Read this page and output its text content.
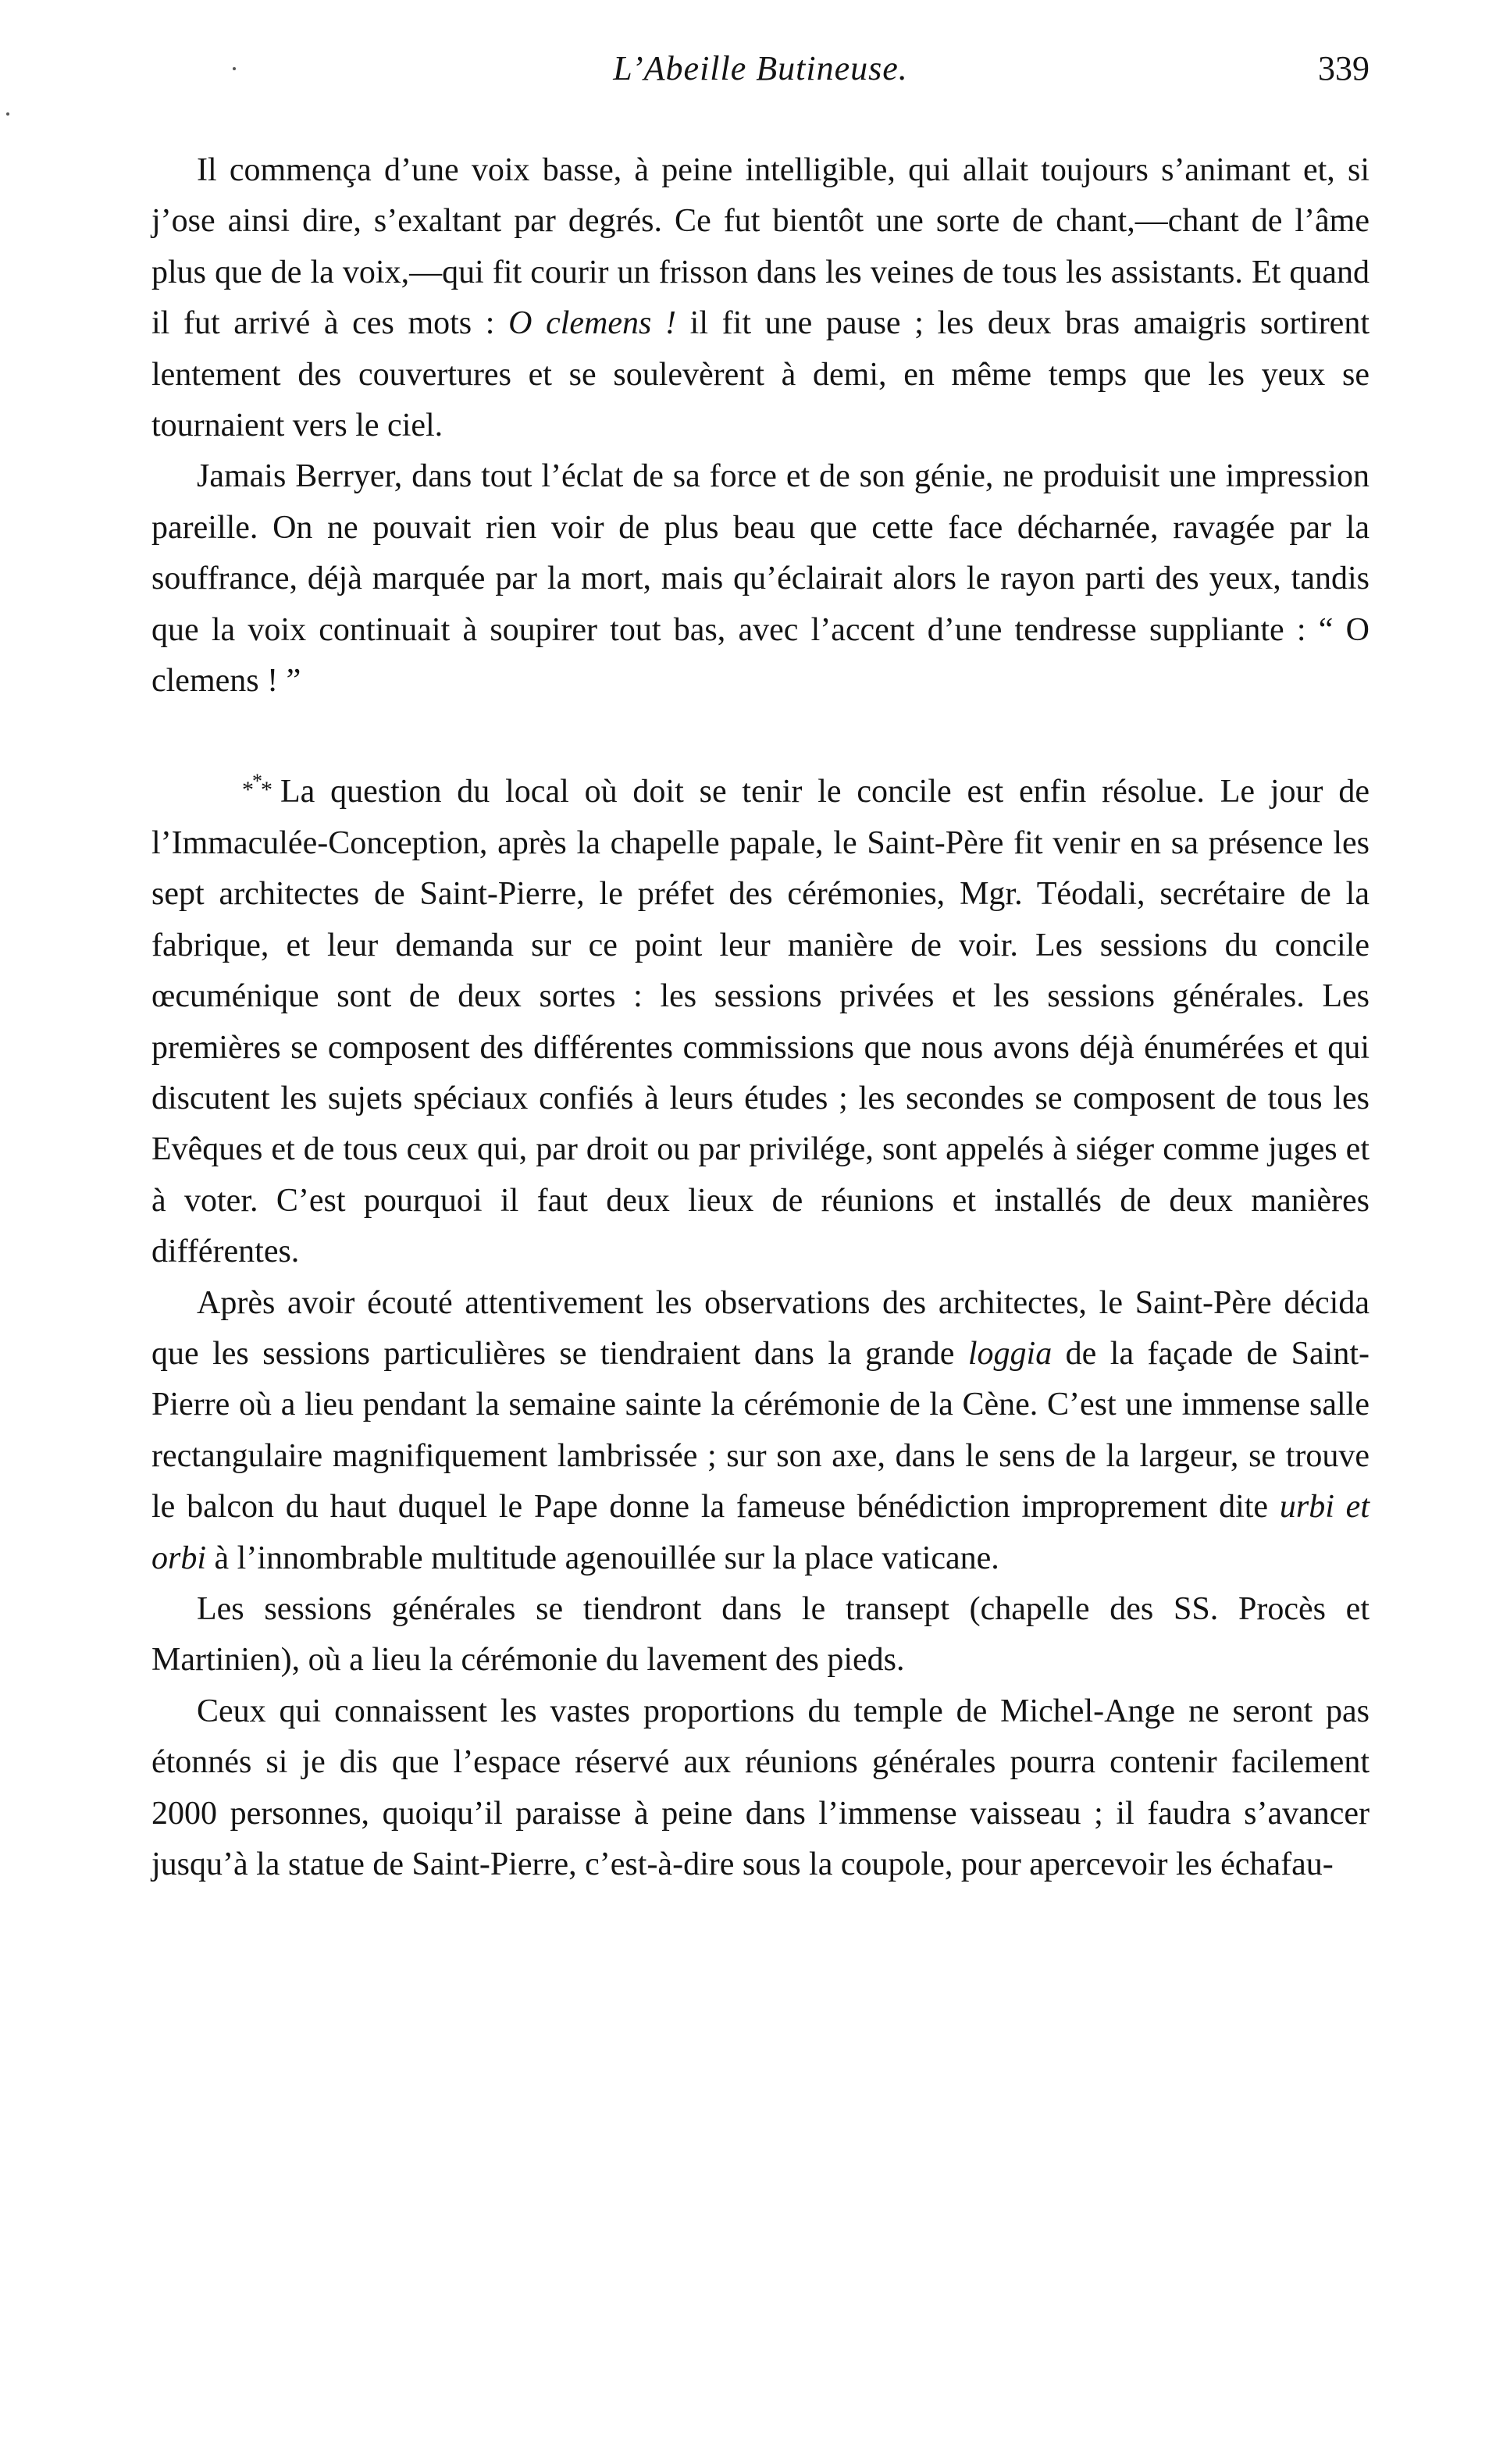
L’Abeille Butineuse.	339

Il commença d’une voix basse, à peine intelligible, qui allait toujours s’animant et, si j’ose ainsi dire, s’exaltant par degrés. Ce fut bientôt une sorte de chant,—chant de l’âme plus que de la voix,—qui fit courir un frisson dans les veines de tous les assistants. Et quand il fut arrivé à ces mots : O clemens ! il fit une pause ; les deux bras amaigris sortirent lentement des couvertures et se soulevèrent à demi, en même temps que les yeux se tournaient vers le ciel.

Jamais Berryer, dans tout l’éclat de sa force et de son génie, ne produisit une impression pareille. On ne pouvait rien voir de plus beau que cette face décharnée, ravagée par la souffrance, déjà marquée par la mort, mais qu’éclairait alors le rayon parti des yeux, tandis que la voix continuait à soupirer tout bas, avec l’accent d’une tendresse suppliante : “ O clemens ! ”

*** La question du local où doit se tenir le concile est enfin résolue. Le jour de l’Immaculée-Conception, après la chapelle papale, le Saint-Père fit venir en sa présence les sept architectes de Saint-Pierre, le préfet des cérémonies, Mgr. Téodali, secrétaire de la fabrique, et leur demanda sur ce point leur manière de voir. Les sessions du concile œcuménique sont de deux sortes : les sessions privées et les sessions générales. Les premières se composent des différentes commissions que nous avons déjà énumérées et qui discutent les sujets spéciaux confiés à leurs études ; les secondes se composent de tous les Evêques et de tous ceux qui, par droit ou par privilége, sont appelés à siéger comme juges et à voter. C’est pourquoi il faut deux lieux de réunions et installés de deux manières différentes.

Après avoir écouté attentivement les observations des architectes, le Saint-Père décida que les sessions particulières se tiendraient dans la grande loggia de la façade de Saint-Pierre où a lieu pendant la semaine sainte la cérémonie de la Cène. C’est une immense salle rectangulaire magnifiquement lambrissée ; sur son axe, dans le sens de la largeur, se trouve le balcon du haut duquel le Pape donne la fameuse bénédiction improprement dite urbi et orbi à l’innombrable multitude agenouillée sur la place vaticane.

Les sessions générales se tiendront dans le transept (chapelle des SS. Procès et Martinien), où a lieu la cérémonie du lavement des pieds.

Ceux qui connaissent les vastes proportions du temple de Michel-Ange ne seront pas étonnés si je dis que l’espace réservé aux réunions générales pourra contenir facilement 2000 personnes, quoiqu’il paraisse à peine dans l’immense vaisseau ; il faudra s’avancer jusqu’à la statue de Saint-Pierre, c’est-à-dire sous la coupole, pour apercevoir les échafau-
